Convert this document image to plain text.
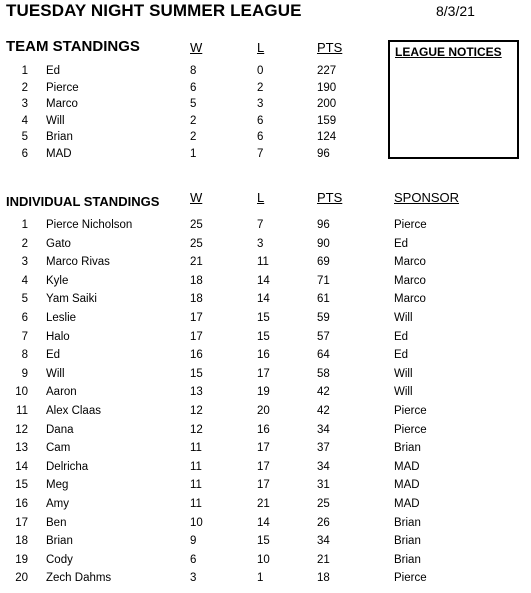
TUESDAY NIGHT SUMMER LEAGUE	8/3/21
TEAM STANDINGS	W	L	PTS
1 Ed	8	0	227
2 Pierce	6	2	190
3 Marco	5	3	200
4 Will	2	6	159
5 Brian	2	6	124
6 MAD	1	7	96
LEAGUE NOTICES
INDIVIDUAL STANDINGS W	L	PTS	SPONSOR
1 Pierce Nicholson	25	7	96	Pierce
2 Gato	25	3	90	Ed
3 Marco Rivas	21	11	69	Marco
4 Kyle	18	14	71	Marco
5 Yam Saiki	18	14	61	Marco
6 Leslie	17	15	59	Will
7 Halo	17	15	57	Ed
8 Ed	16	16	64	Ed
9 Will	15	17	58	Will
10 Aaron	13	19	42	Will
11 Alex Claas	12	20	42	Pierce
12 Dana	12	16	34	Pierce
13 Cam	11	17	37	Brian
14 Delricha	11	17	34	MAD
15 Meg	11	17	31	MAD
16 Amy	11	21	25	MAD
17 Ben	10	14	26	Brian
18 Brian	9	15	34	Brian
19 Cody	6	10	21	Brian
20 Zech Dahms	3	1	18	Pierce
